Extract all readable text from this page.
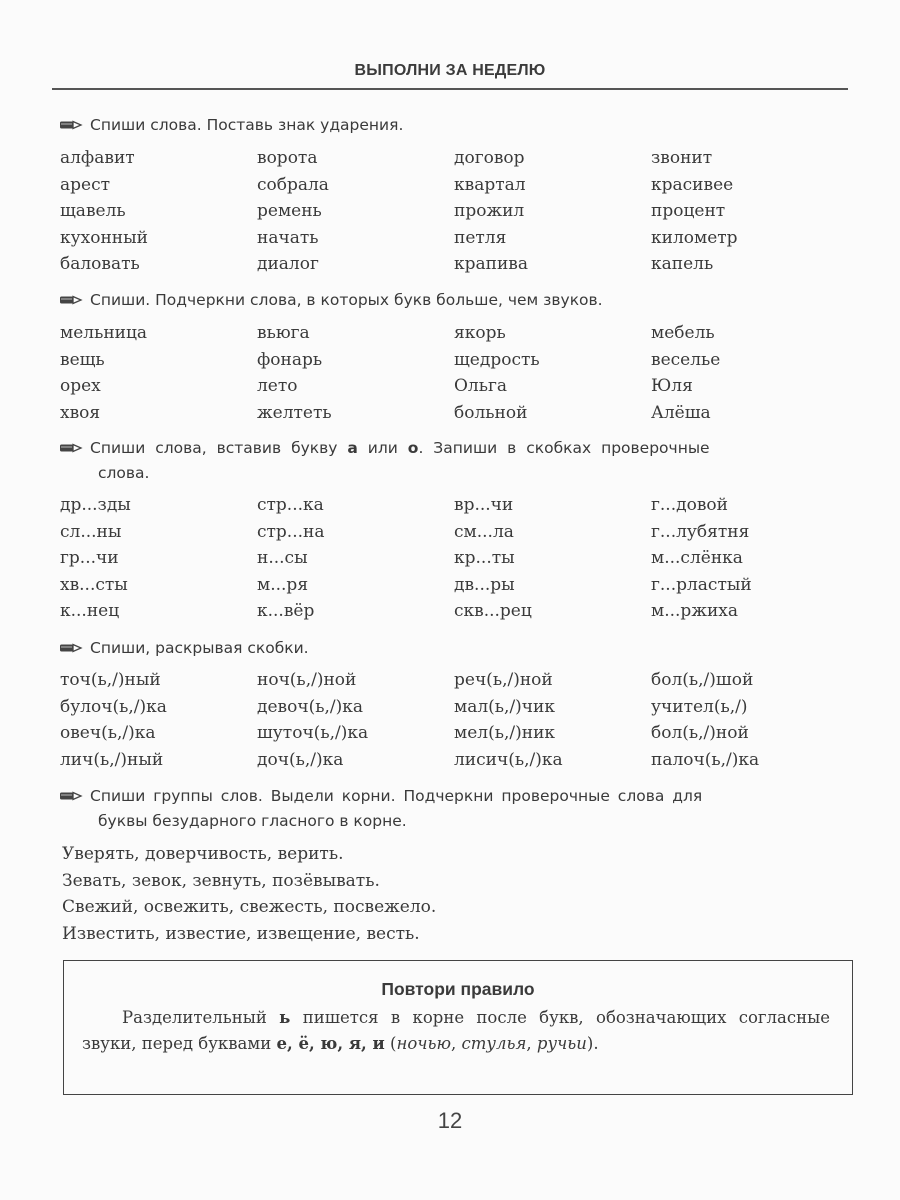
ВЫПОЛНИ ЗА НЕДЕЛЮ
Спиши слова. Поставь знак ударения.
алфавит	ворота	договор	звонит
арест	собрала	квартал	красивее
щавель	ремень	прожил	процент
кухонный	начать	петля	километр
баловать	диалог	крапива	капель
Спиши. Подчеркни слова, в которых букв больше, чем звуков.
мельница	вьюга	якорь	мебель
вещь	фонарь	щедрость	веселье
орех	лето	Ольга	Юля
хвоя	желтеть	больной	Алёша
Спиши слова, вставив букву а или о. Запиши в скобках проверочные
слова.
др...зды	стр...ка	вр...чи	г...довой
сл...ны	стр...на	см...ла	г...лубятня
гр...чи	н...сы	кр...ты	м...слёнка
хв...сты	м...ря	дв...ры	г...рластый
к...нец	к...вёр	скв...рец	м...ржиха
Спиши, раскрывая скобки.
точ(ь,/)ный	ноч(ь,/)ной	реч(ь,/)ной	бол(ь,/)шой
булоч(ь,/)ка	девоч(ь,/)ка	мал(ь,/)чик	учител(ь,/)
овеч(ь,/)ка	шуточ(ь,/)ка	мел(ь,/)ник	бол(ь,/)ной
лич(ь,/)ный	доч(ь,/)ка	лисич(ь,/)ка	палоч(ь,/)ка
Спиши группы слов. Выдели корни. Подчеркни проверочные слова для
буквы безударного гласного в корне.
Уверять, доверчивость, верить.
Зевать, зевок, зевнуть, позёвывать.
Свежий, освежить, свежесть, посвежело.
Известить, известие, извещение, весть.
Повтори правило
Разделительный ь пишется в корне после букв, обозначающих согласные звуки, перед буквами е, ё, ю, я, и (ночью, стулья, ручьи).
12
